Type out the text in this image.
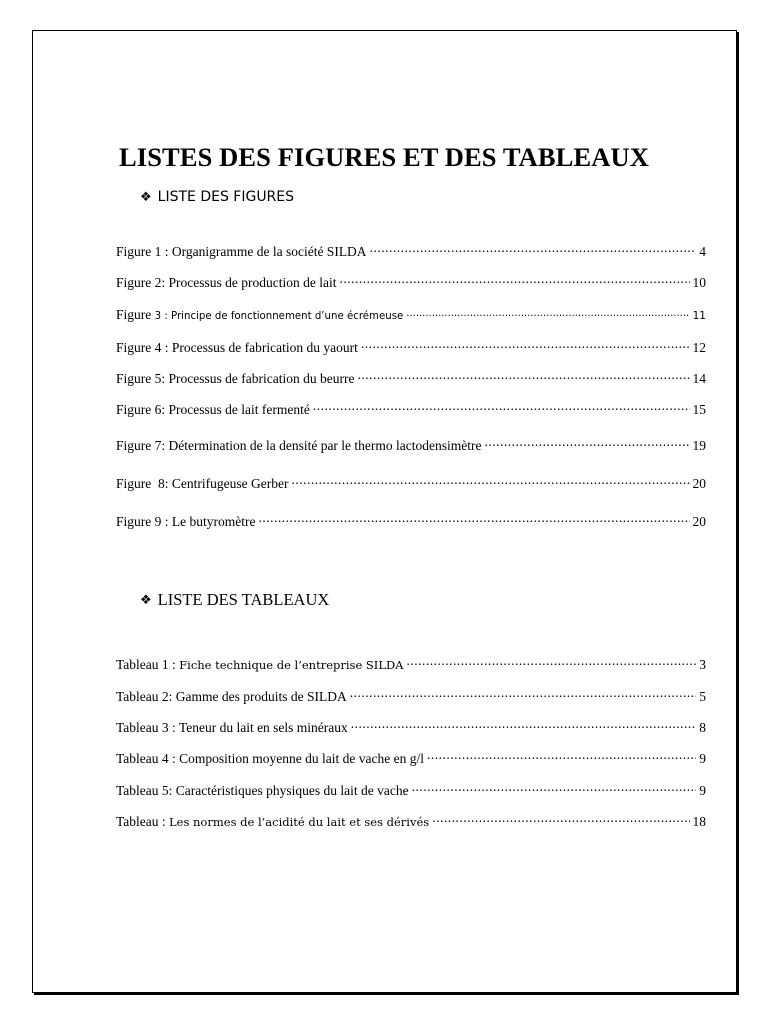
LISTES DES FIGURES ET DES TABLEAUX
❖ LISTE DES FIGURES
Figure 1 : Organigramme de la société SILDA .....	4
Figure 2: Processus de production de lait .....	10
Figure 3 : Principe de fonctionnement d’une écrémeuse .....	11
Figure 4 : Processus de fabrication du yaourt .....	12
Figure 5: Processus de fabrication du beurre .....	14
Figure 6: Processus de lait fermenté .....	15
Figure 7: Détermination de la densité par le thermo lactodensimètre .....	19
Figure  8: Centrifugeuse Gerber .....	20
Figure 9 : Le butyromètre .....	20
❖ LISTE DES TABLEAUX
Tableau 1 : Fiche technique de l’entreprise SILDA .....	3
Tableau 2: Gamme des produits de SILDA .....	5
Tableau 3 : Teneur du lait en sels minéraux .....	8
Tableau 4 : Composition moyenne du lait de vache en g/l .....	9
Tableau 5: Caractéristiques physiques du lait de vache .....	9
Tableau : Les normes de l’acidité du lait et ses dérivés .....	18
